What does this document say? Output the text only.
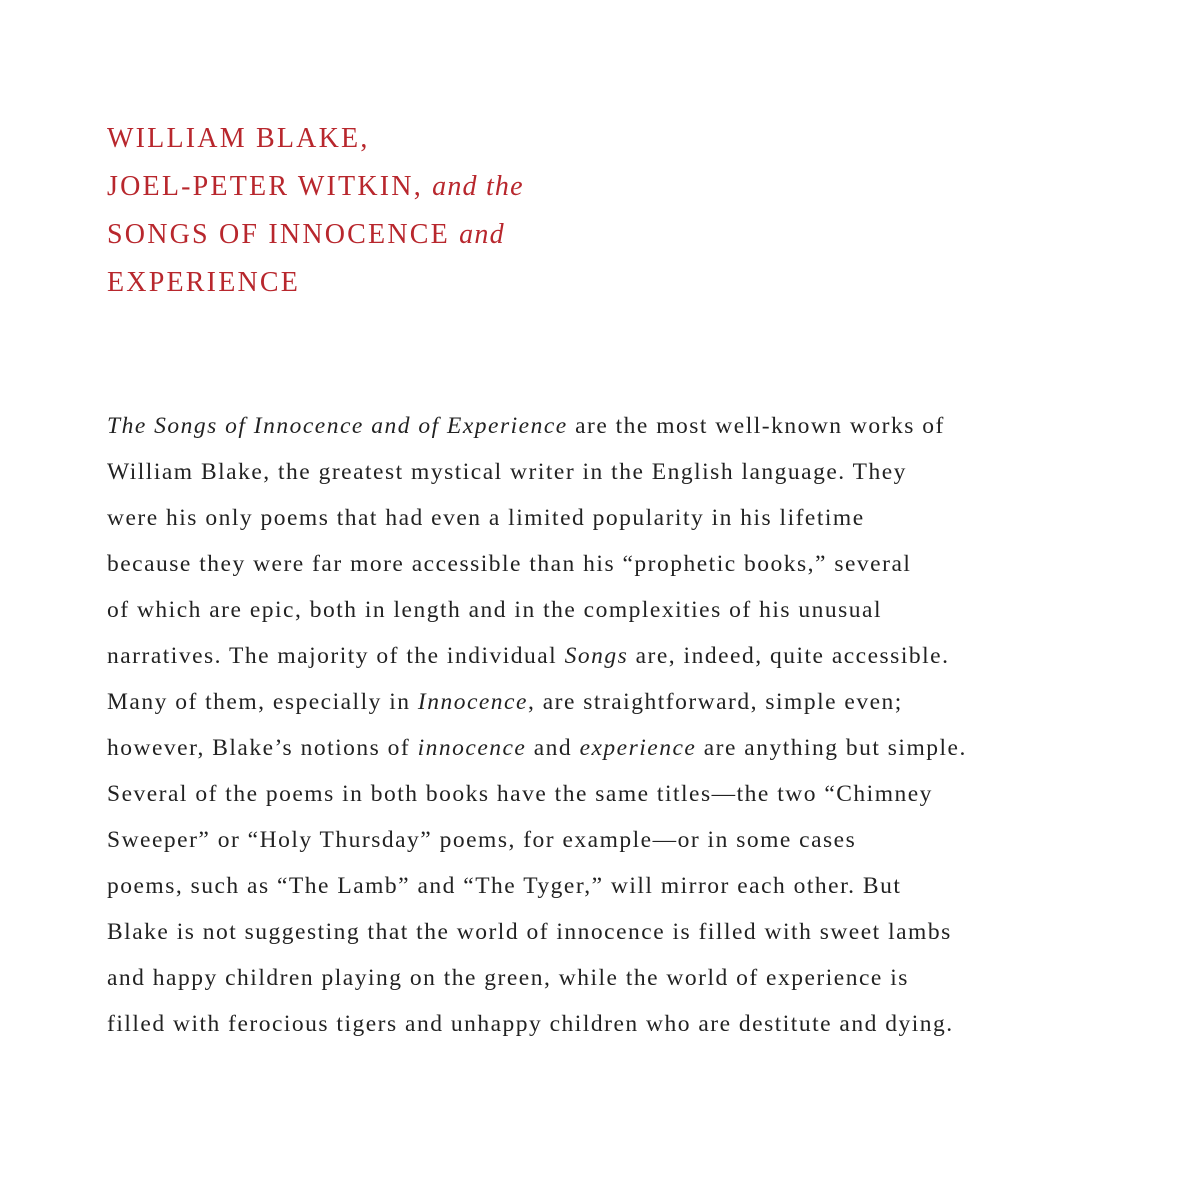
WILLIAM BLAKE,
JOEL-PETER WITKIN, and the
SONGS OF INNOCENCE and
EXPERIENCE

The Songs of Innocence and of Experience are the most well-known works of
William Blake, the greatest mystical writer in the English language. They
were his only poems that had even a limited popularity in his lifetime
because they were far more accessible than his “prophetic books,” several
of which are epic, both in length and in the complexities of his unusual
narratives. The majority of the individual Songs are, indeed, quite accessible.
Many of them, especially in Innocence, are straightforward, simple even;
however, Blake’s notions of innocence and experience are anything but simple.
Several of the poems in both books have the same titles—the two “Chimney
Sweeper” or “Holy Thursday” poems, for example—or in some cases
poems, such as “The Lamb” and “The Tyger,” will mirror each other. But
Blake is not suggesting that the world of innocence is filled with sweet lambs
and happy children playing on the green, while the world of experience is
filled with ferocious tigers and unhappy children who are destitute and dying.
